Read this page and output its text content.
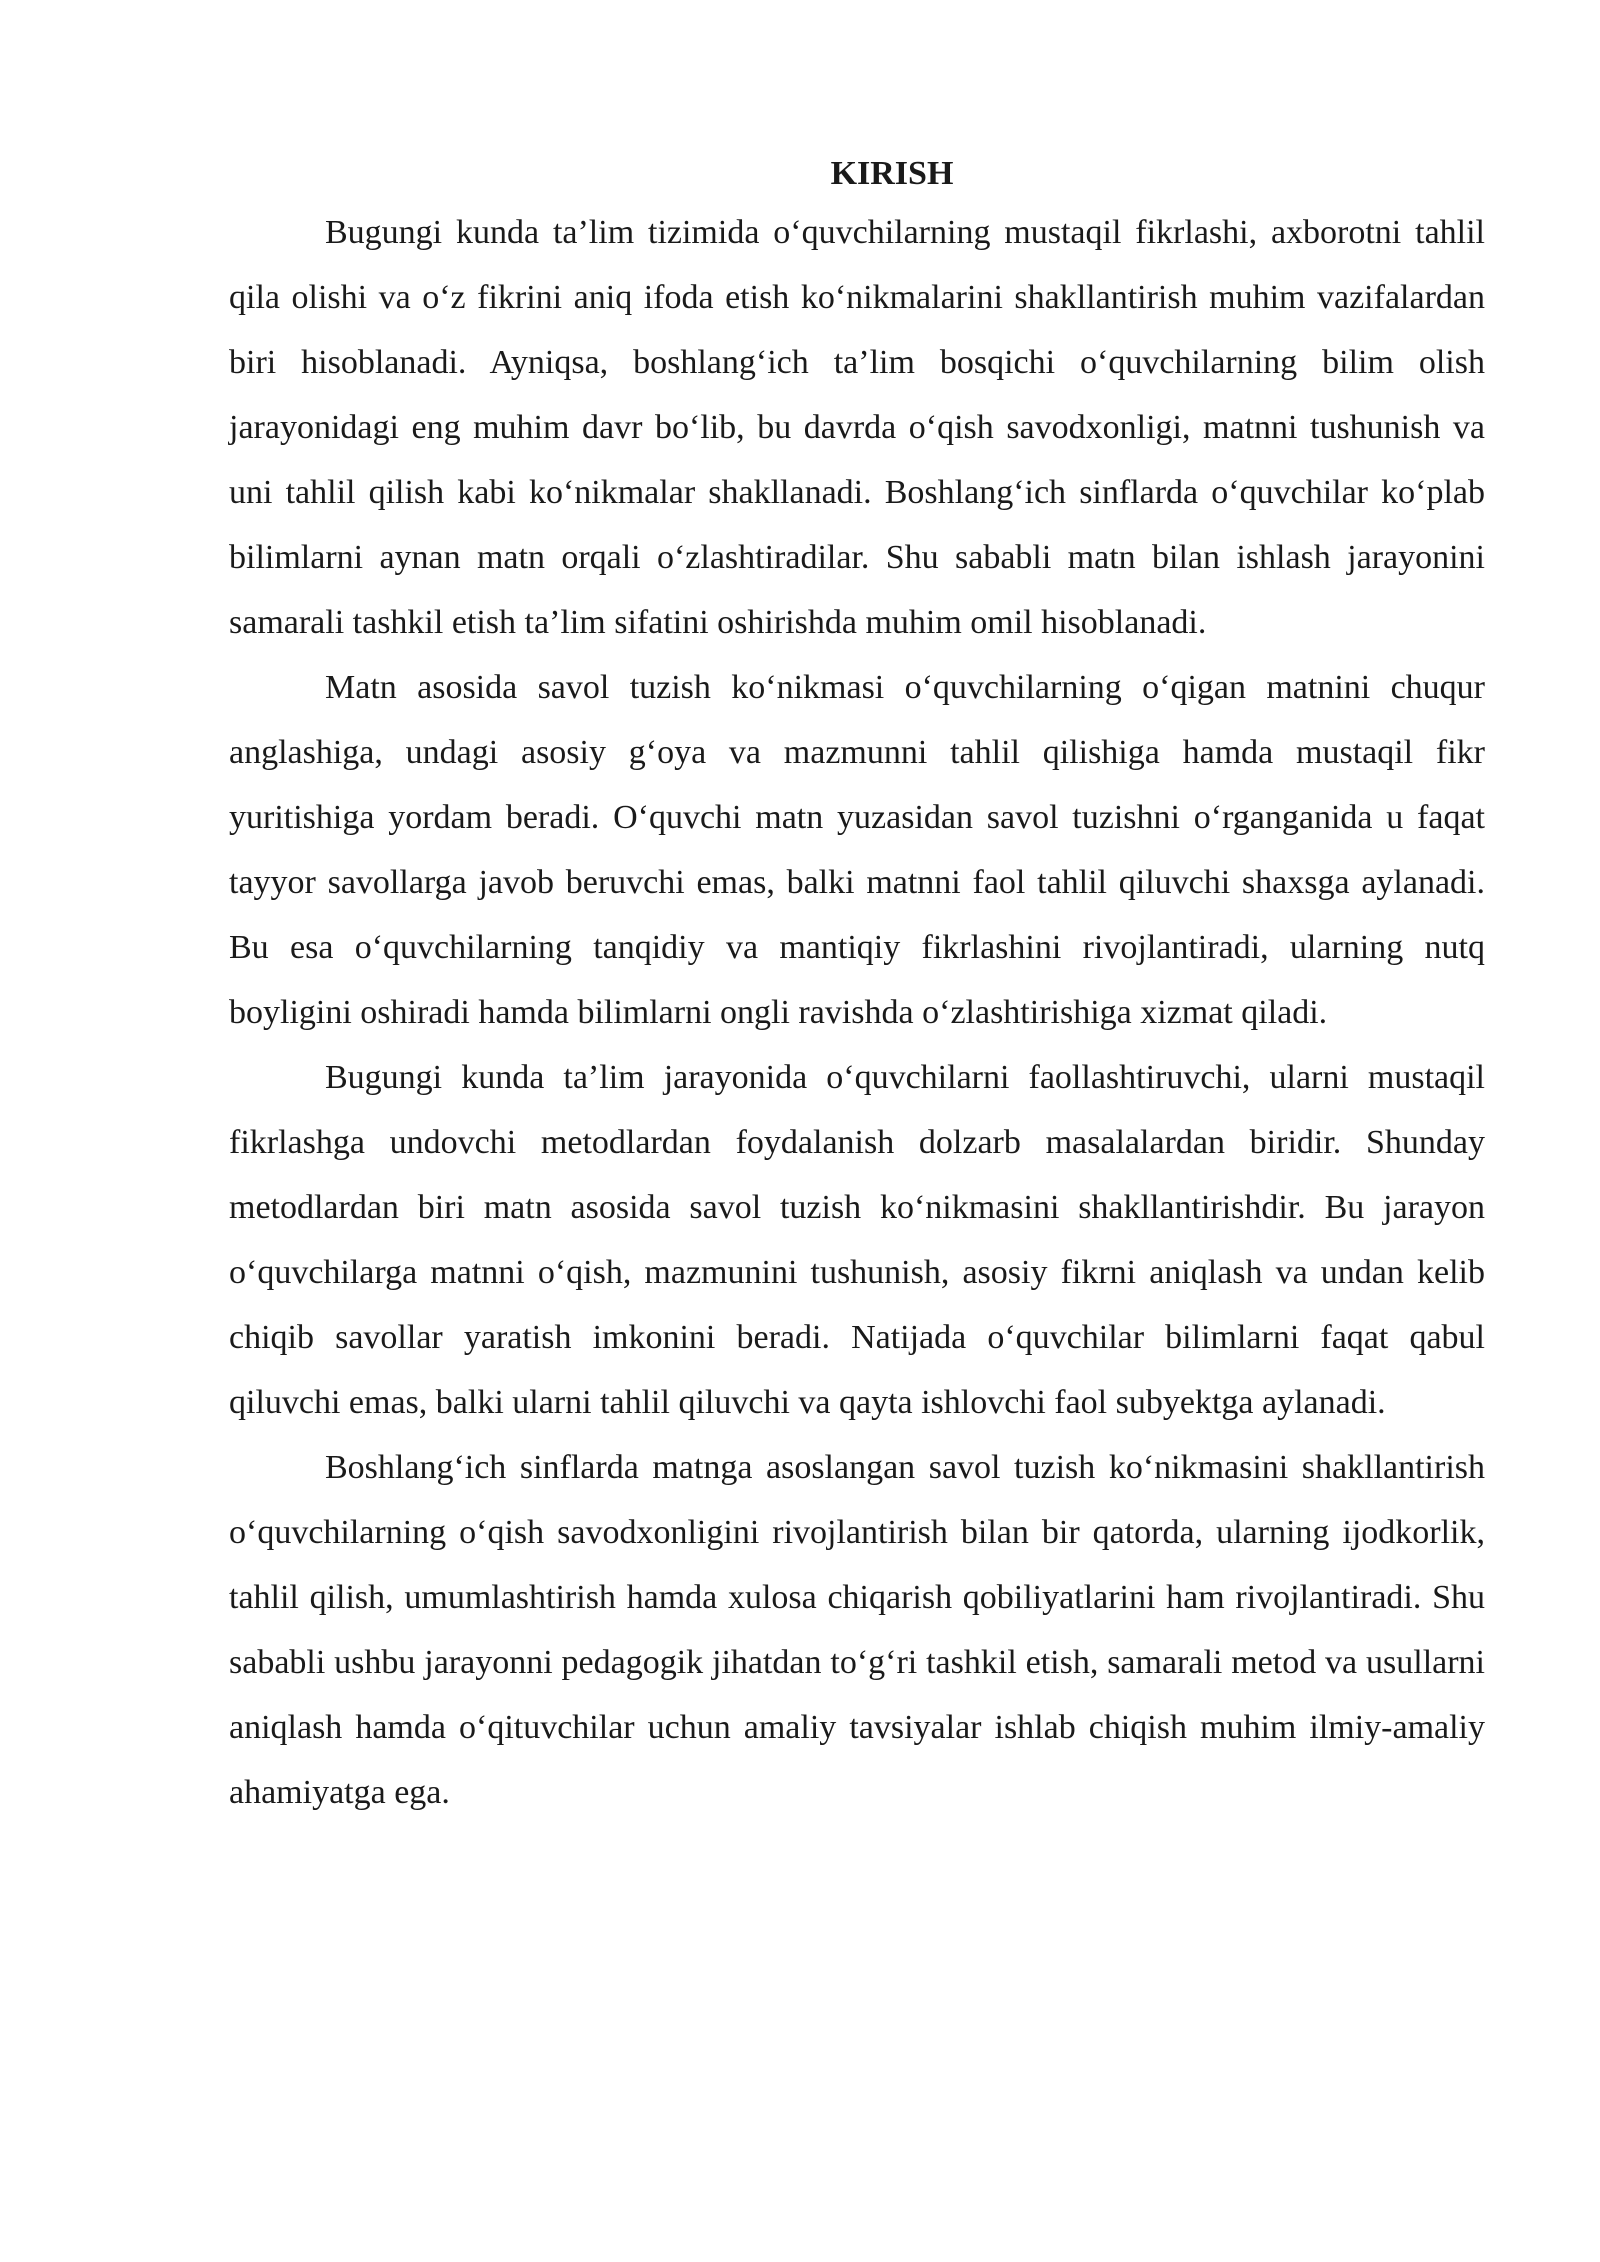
KIRISH

Bugungi kunda ta’lim tizimida o‘quvchilarning mustaqil fikrlashi, axborotni tahlil qila olishi va o‘z fikrini aniq ifoda etish ko‘nikmalarini shakllantirish muhim vazifalardan biri hisoblanadi. Ayniqsa, boshlang‘ich ta’lim bosqichi o‘quvchilarning bilim olish jarayonidagi eng muhim davr bo‘lib, bu davrda o‘qish savodxonligi, matnni tushunish va uni tahlil qilish kabi ko‘nikmalar shakllanadi. Boshlang‘ich sinflarda o‘quvchilar ko‘plab bilimlarni aynan matn orqali o‘zlashtiradilar. Shu sababli matn bilan ishlash jarayonini samarali tashkil etish ta’lim sifatini oshirishda muhim omil hisoblanadi.

Matn asosida savol tuzish ko‘nikmasi o‘quvchilarning o‘qigan matnini chuqur anglashiga, undagi asosiy g‘oya va mazmunni tahlil qilishiga hamda mustaqil fikr yuritishiga yordam beradi. O‘quvchi matn yuzasidan savol tuzishni o‘rganganida u faqat tayyor savollarga javob beruvchi emas, balki matnni faol tahlil qiluvchi shaxsga aylanadi. Bu esa o‘quvchilarning tanqidiy va mantiqiy fikrlashini rivojlantiradi, ularning nutq boyligini oshiradi hamda bilimlarni ongli ravishda o‘zlashtirishiga xizmat qiladi.

Bugungi kunda ta’lim jarayonida o‘quvchilarni faollashtiruvchi, ularni mustaqil fikrlashga undovchi metodlardan foydalanish dolzarb masalalardan biridir. Shunday metodlardan biri matn asosida savol tuzish ko‘nikmasini shakllantirishdir. Bu jarayon o‘quvchilarga matnni o‘qish, mazmunini tushunish, asosiy fikrni aniqlash va undan kelib chiqib savollar yaratish imkonini beradi. Natijada o‘quvchilar bilimlarni faqat qabul qiluvchi emas, balki ularni tahlil qiluvchi va qayta ishlovchi faol subyektga aylanadi.

Boshlang‘ich sinflarda matnga asoslangan savol tuzish ko‘nikmasini shakllantirish o‘quvchilarning o‘qish savodxonligini rivojlantirish bilan bir qatorda, ularning ijodkorlik, tahlil qilish, umumlashtirish hamda xulosa chiqarish qobiliyatlarini ham rivojlantiradi. Shu sababli ushbu jarayonni pedagogik jihatdan to‘g‘ri tashkil etish, samarali metod va usullarni aniqlash hamda o‘qituvchilar uchun amaliy tavsiyalar ishlab chiqish muhim ilmiy-amaliy ahamiyatga ega.
